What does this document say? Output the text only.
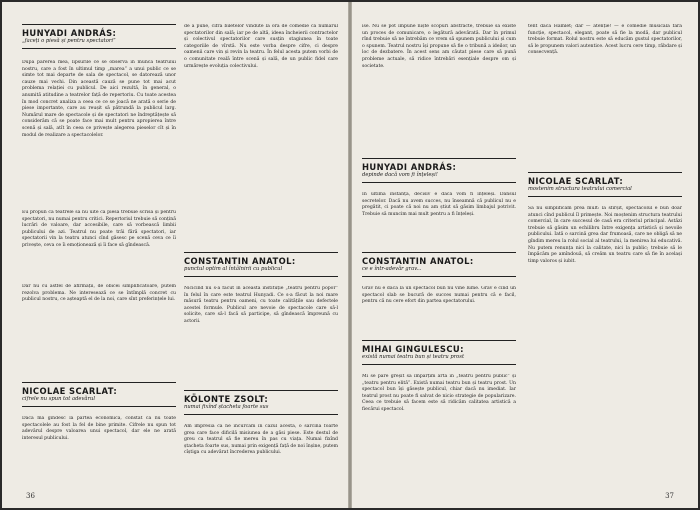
HUNYADI ANDRÁS:
„faceți o piesă și pentru spectatori”
După părerea mea, lipsurile ce se observă în munca teatrului nostru, care a fost în ultimul timp „marea” a unui public ce se simte tot mai departe de sala de spectacol, se datorează unor cauze mai vechi. Din această cauză se pune tot mai acut problema relației cu publicul. De aici rezultă, în general, o anumită atitudine a teatrelor față de repertoriu. Cu toate acestea în mod concret analiza a ceea ce ce se joacă ne arată o serie de piese importante, care au reușit să pătrundă la publicul larg. Numărul mare de spectacole și de spectatori ne îndreptățește să considerăm că se poate face mai mult pentru apropierea între scenă și sală, atît în ceea ce privește alegerea pieselor cît și în modul de realizare a spectacolelor.
Eu propun ca teatrele să nu uite că piesa trebuie scrisă și pentru spectatori, nu numai pentru critici. Repertoriul trebuie să conțină lucrări de valoare, dar accesibile, care să vorbească limbii publicului de azi. Teatrul nu poate trăi fără spectatori, iar spectatorii vin la teatru atunci cînd găsesc pe scenă ceva ce îi privește, ceva ce îi emoționează și îi face să gîndească.
Dar nu cu astfel de afirmații, de obicei simplificatoare, putem rezolva problema. Ne interesează ce se întîmplă concret cu publicul nostru, ce așteaptă el de la noi, care sînt preferințele lui.
NICOLAE SCARLAT:
cifrele nu spun tot adevărul
Dacă mă gîndesc la partea economică, constat că nu toate spectacolele au fost la fel de bine primite. Cifrele nu spun tot adevărul despre valoarea unui spectacol, dar ele ne arată interesul publicului.
de a pune, cifra biletelor vîndute la ora de comedie ca numărul spectatorilor din sală; iar pe de altă, ideea încheierii contractelor și colectivul spectatorilor care susțin stagiunea în toate categoriile de vîrstă. Nu este vorba despre cifre, ci despre oamenii care vin și revin la teatru. În felul acesta putem vorbi de o comunitate reală între scenă și sală, de un public fidel care urmărește evoluția colectivului.
CONSTANTIN ANATOL:
punctul optim al întâlnirii cu publicul
Nicicînd nu s-a făcut în această instituție „teatru pentru popor” în felul în care este teatrul Hunyadi. Ce s-a făcut la noi mare măsură teatru pentru oameni, cu toate calitățile sau defectele acestei formule. Publicul are nevoie de spectacole care să-l solicite, care să-l facă să participe, să gîndească împreună cu actorii.
KÖLONTE ZSOLT:
numai fixînd ștacheta foarte sus
Am impresia că ne încurcăm în cazul acesta, o sarcină foarte grea care face dificilă misiunea de a găsi piese. Este destul de greu ca teatrul să fie mereu în pas cu viața. Numai fixînd ștacheta foarte sus, numai prin exigență față de noi înșine, putem cîștiga cu adevărat încrederea publicului.
36
ise. Nu se pot impune niște scopuri abstracte, trebuie să existe un proces de comunicare, o legătură adevărată. Dar în primul rînd trebuie să ne întrebăm ce vrem să spunem publicului și cum o spunem. Teatrul nostru își propune să fie o tribună a ideilor, un loc de dezbatere. În acest sens am căutat piese care să pună probleme actuale, să ridice întrebări esențiale despre om și societate.
HUNYADI ANDRÁS:
depinde dacă vom fi înțeleși!
În ultima instanță, decisiv e dacă vom fi înțeleși. Dansul secretelor. Dacă nu avem succes, nu înseamnă că publicul nu e pregătit, ci poate că noi nu am știut să găsim limbajul potrivit. Trebuie să muncim mai mult pentru a fi înțeleși.
CONSTANTIN ANATOL:
ce e într-adevăr grav...
Grav nu e dacă la un spectacol bun nu vine lume. Grav e cînd un spectacol slab se bucură de succes numai pentru că e facil, pentru că nu cere efort din partea spectatorului.
MIHAI GINGULESCU:
există numai teatru bun și teatru prost
Mi se pare greșit să împărțim arta în „teatru pentru public” și „teatru pentru elită”. Există numai teatru bun și teatru prost. Un spectacol bun își găsește publicul, chiar dacă nu imediat. Iar teatrul prost nu poate fi salvat de nicio strategie de popularizare. Ceea ce trebuie să facem este să ridicăm calitatea artistică a fiecărui spectacol.
tent dacă Hamlet; dar — atenție! — e comedie musicală fără funcție, spectacol, elegant, poate să fie la modă, dar publicul trebuie format. Rolul nostru este să educăm gustul spectatorilor, să le propunem valori autentice. Acest lucru cere timp, răbdare și consecvență.
NICOLAE SCARLAT:
mostenim structura teatrului comercial
Să nu simplificăm prea mult: la sfîrșit, spectacolul e bun doar atunci cînd publicul îl primește. Noi moștenim structura teatrului comercial, în care succesul de casă era criteriul principal. Astăzi trebuie să găsim un echilibru între exigența artistică și nevoile publicului. Iată o sarcină grea dar frumoasă, care ne obligă să ne gîndim mereu la rolul social al teatrului, la menirea lui educativă. Nu putem renunța nici la calitate, nici la public; trebuie să le împăcăm pe amîndouă, să creăm un teatru care să fie în același timp valoros și iubit.
37
